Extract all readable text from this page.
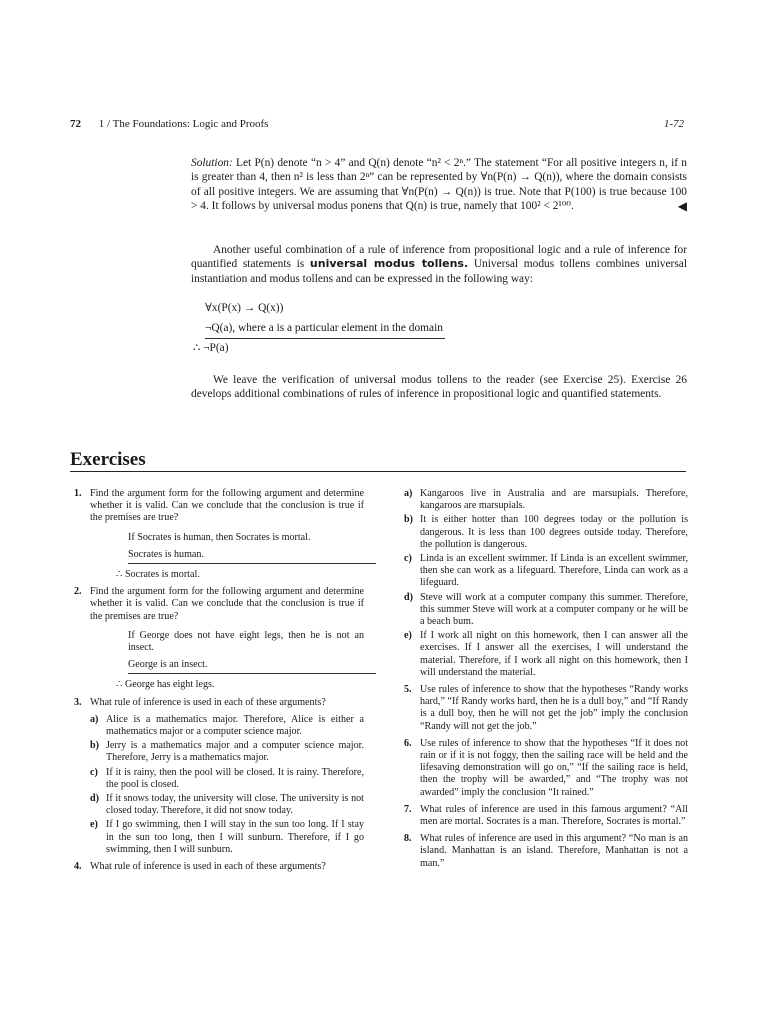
72 1 / The Foundations: Logic and Proofs	1-72
Solution: Let P(n) denote “n > 4” and Q(n) denote “n² < 2ⁿ.” The statement “For all positive integers n, if n is greater than 4, then n² is less than 2ⁿ” can be represented by ∀n(P(n) → Q(n)), where the domain consists of all positive integers. We are assuming that ∀n(P(n) → Q(n)) is true. Note that P(100) is true because 100 > 4. It follows by universal modus ponens that Q(n) is true, namely that 100² < 2¹⁰⁰.	◀
Another useful combination of a rule of inference from propositional logic and a rule of inference for quantified statements is universal modus tollens. Universal modus tollens combines universal instantiation and modus tollens and can be expressed in the following way:
∀x(P(x) → Q(x))
¬Q(a), where a is a particular element in the domain
∴ ¬P(a)
We leave the verification of universal modus tollens to the reader (see Exercise 25). Exercise 26 develops additional combinations of rules of inference in propositional logic and quantified statements.
Exercises
1. Find the argument form for the following argument and determine whether it is valid. Can we conclude that the conclusion is true if the premises are true?
If Socrates is human, then Socrates is mortal.
Socrates is human.
∴ Socrates is mortal.
2. Find the argument form for the following argument and determine whether it is valid. Can we conclude that the conclusion is true if the premises are true?
If George does not have eight legs, then he is not an insect.
George is an insect.
∴ George has eight legs.
3. What rule of inference is used in each of these arguments?
a) Alice is a mathematics major. Therefore, Alice is either a mathematics major or a computer science major.
b) Jerry is a mathematics major and a computer science major. Therefore, Jerry is a mathematics major.
c) If it is rainy, then the pool will be closed. It is rainy. Therefore, the pool is closed.
d) If it snows today, the university will close. The university is not closed today. Therefore, it did not snow today.
e) If I go swimming, then I will stay in the sun too long. If I stay in the sun too long, then I will sunburn. Therefore, if I go swimming, then I will sunburn.
4. What rule of inference is used in each of these arguments?
a) Kangaroos live in Australia and are marsupials. Therefore, kangaroos are marsupials.
b) It is either hotter than 100 degrees today or the pollution is dangerous. It is less than 100 degrees outside today. Therefore, the pollution is dangerous.
c) Linda is an excellent swimmer. If Linda is an excellent swimmer, then she can work as a lifeguard. Therefore, Linda can work as a lifeguard.
d) Steve will work at a computer company this summer. Therefore, this summer Steve will work at a computer company or he will be a beach bum.
e) If I work all night on this homework, then I can answer all the exercises. If I answer all the exercises, I will understand the material. Therefore, if I work all night on this homework, then I will understand the material.
5. Use rules of inference to show that the hypotheses “Randy works hard,” “If Randy works hard, then he is a dull boy,” and “If Randy is a dull boy, then he will not get the job” imply the conclusion “Randy will not get the job.”
6. Use rules of inference to show that the hypotheses “If it does not rain or if it is not foggy, then the sailing race will be held and the lifesaving demonstration will go on,” “If the sailing race is held, then the trophy will be awarded,” and “The trophy was not awarded” imply the conclusion “It rained.”
7. What rules of inference are used in this famous argument? “All men are mortal. Socrates is a man. Therefore, Socrates is mortal.”
8. What rules of inference are used in this argument? “No man is an island. Manhattan is an island. Therefore, Manhattan is not a man.”
